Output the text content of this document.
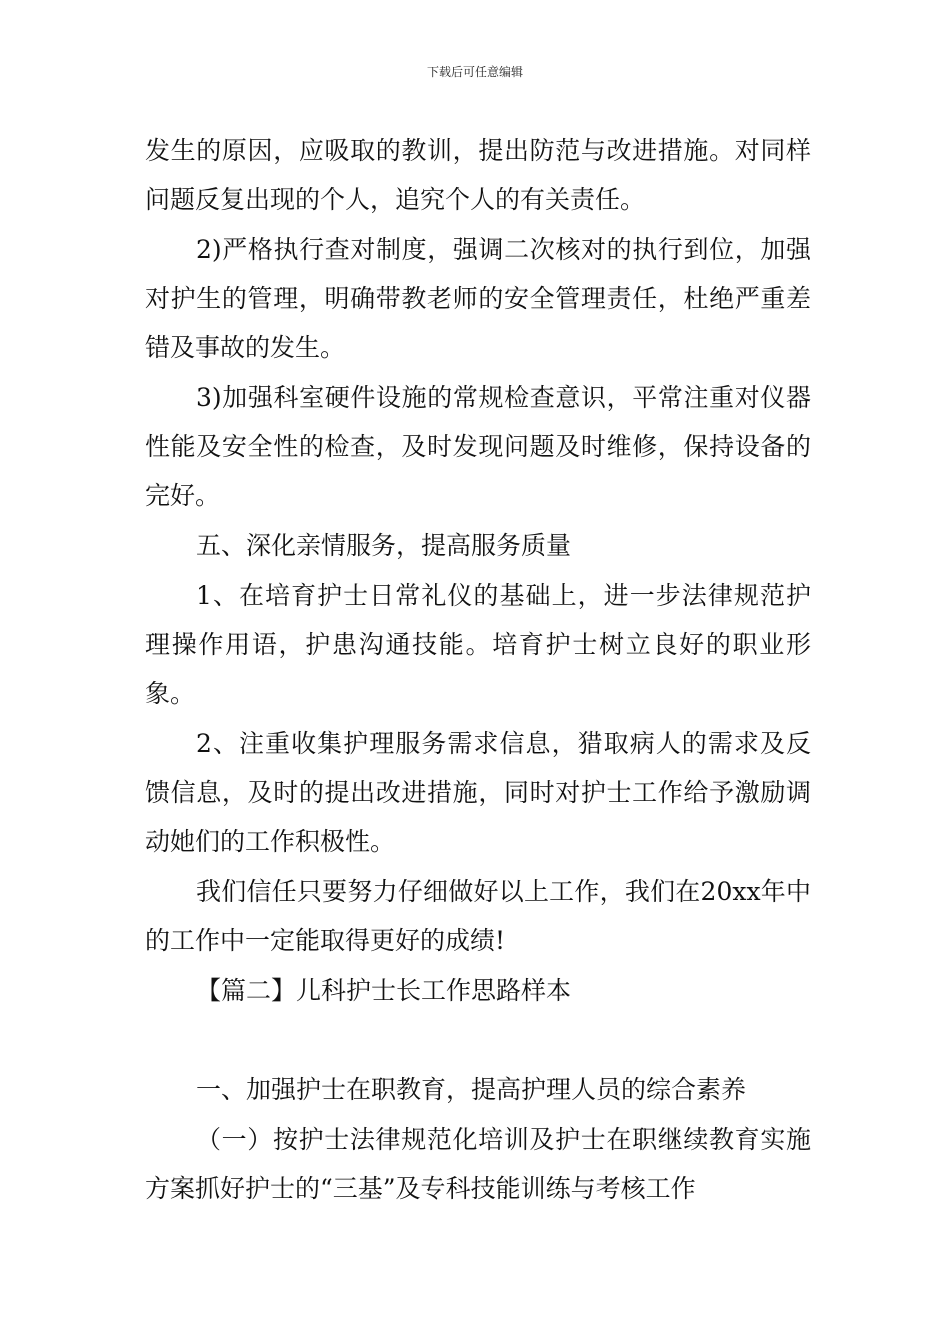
下载后可任意编辑

发生的原因，应吸取的教训，提出防范与改进措施。对同样问题反复出现的个人，追究个人的有关责任。

2)严格执行查对制度，强调二次核对的执行到位，加强对护生的管理，明确带教老师的安全管理责任，杜绝严重差错及事故的发生。

3)加强科室硬件设施的常规检查意识，平常注重对仪器性能及安全性的检查，及时发现问题及时维修，保持设备的完好。

五、深化亲情服务，提高服务质量

1、在培育护士日常礼仪的基础上，进一步法律规范护理操作用语，护患沟通技能。培育护士树立良好的职业形象。

2、注重收集护理服务需求信息，猎取病人的需求及反馈信息，及时的提出改进措施，同时对护士工作给予激励调动她们的工作积极性。

我们信任只要努力仔细做好以上工作，我们在20xx年中的工作中一定能取得更好的成绩!

【篇二】儿科护士长工作思路样本

一、加强护士在职教育，提高护理人员的综合素养

（一）按护士法律规范化培训及护士在职继续教育实施方案抓好护士的“三基”及专科技能训练与考核工作
